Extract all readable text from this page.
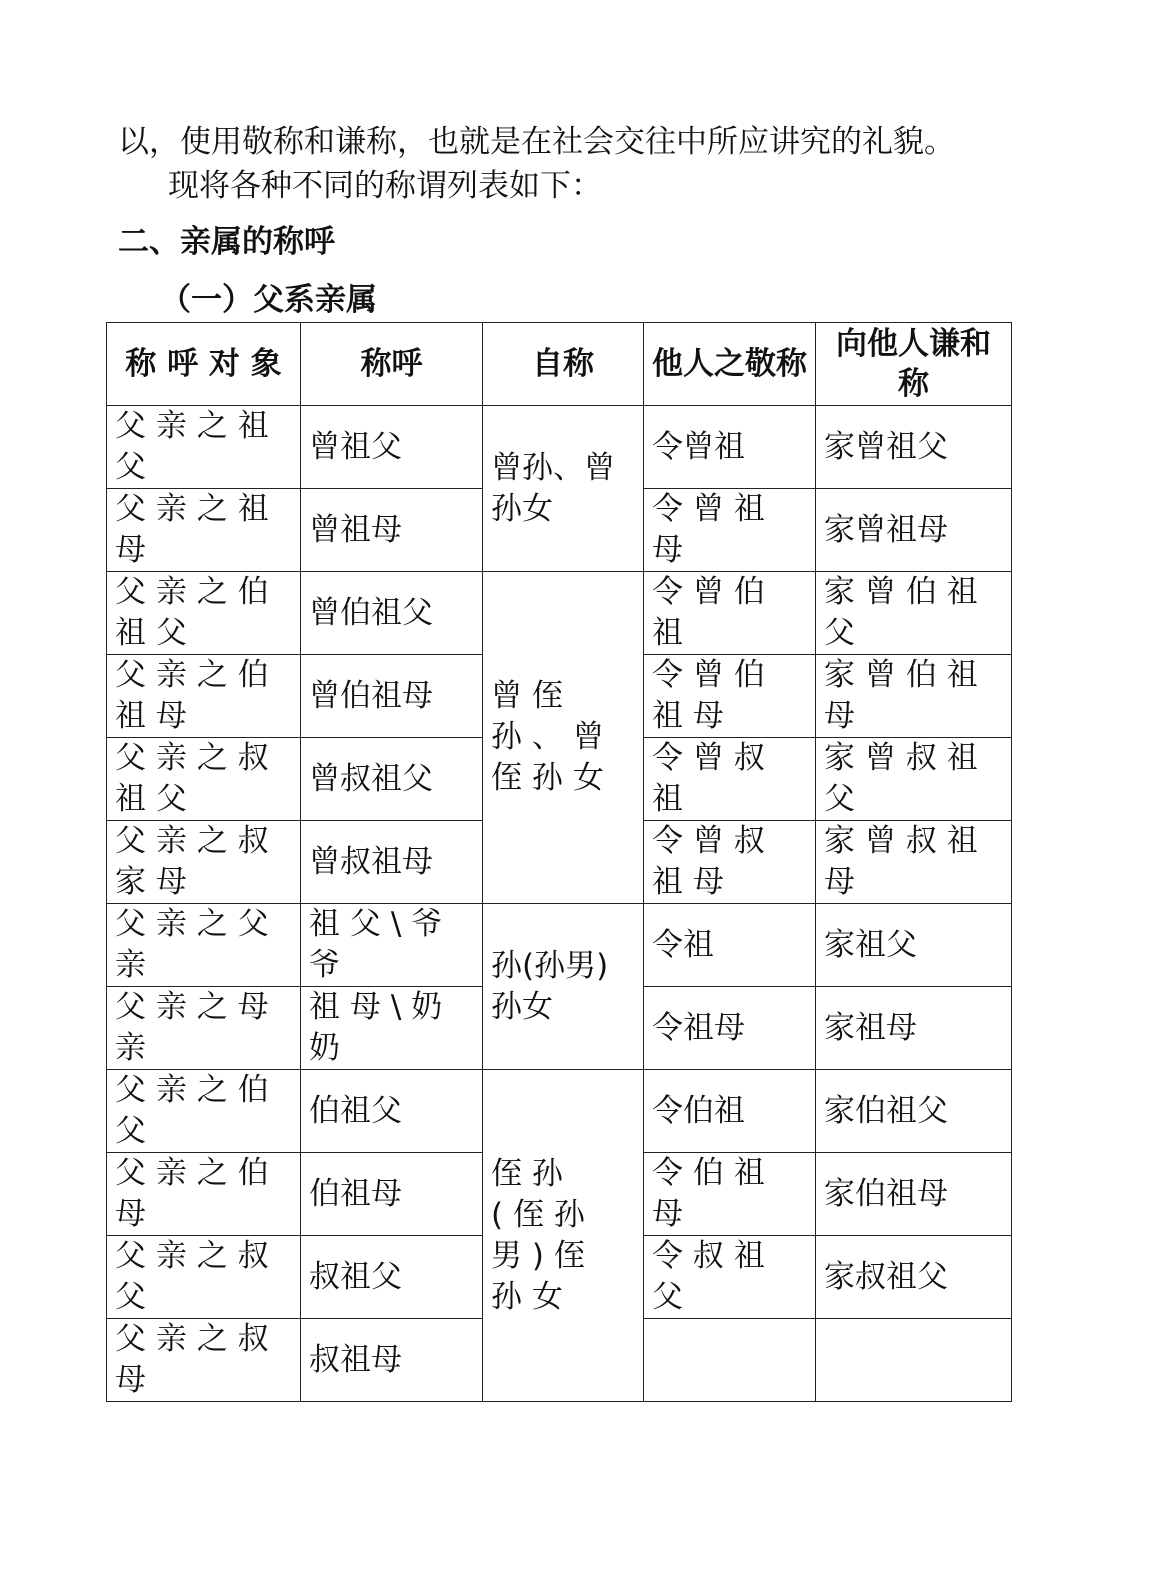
以，使用敬称和谦称，也就是在社会交往中所应讲究的礼貌。
现将各种不同的称谓列表如下：
二、亲属的称呼
（一）父系亲属
称 呼 对 象	称呼	自称	他人之敬称	向他人谦和称
父亲之祖父	曾祖父	曾孙、曾孙女	令曾祖	家曾祖父
父亲之祖母	曾祖母		令曾祖母	家曾祖母
父亲之伯祖父	曾伯祖父	曾侄孙、曾侄孙女	令曾伯祖	家曾伯祖父
父亲之伯祖母	曾伯祖母		令曾伯祖母	家曾伯祖母
父亲之叔祖父	曾叔祖父		令曾叔祖	家曾叔祖父
父亲之叔家母	曾叔祖母		令曾叔祖母	家曾叔祖母
父亲之父亲	祖父\爷爷	孙(孙男)孙女	令祖	家祖父
父亲之母亲	祖母\奶奶		令祖母	家祖母
父亲之伯父	伯祖父	侄孙(侄孙男)侄孙女	令伯祖	家伯祖父
父亲之伯母	伯祖母		令伯祖母	家伯祖母
父亲之叔父	叔祖父		令叔祖父	家叔祖父
父亲之叔母	叔祖母			
